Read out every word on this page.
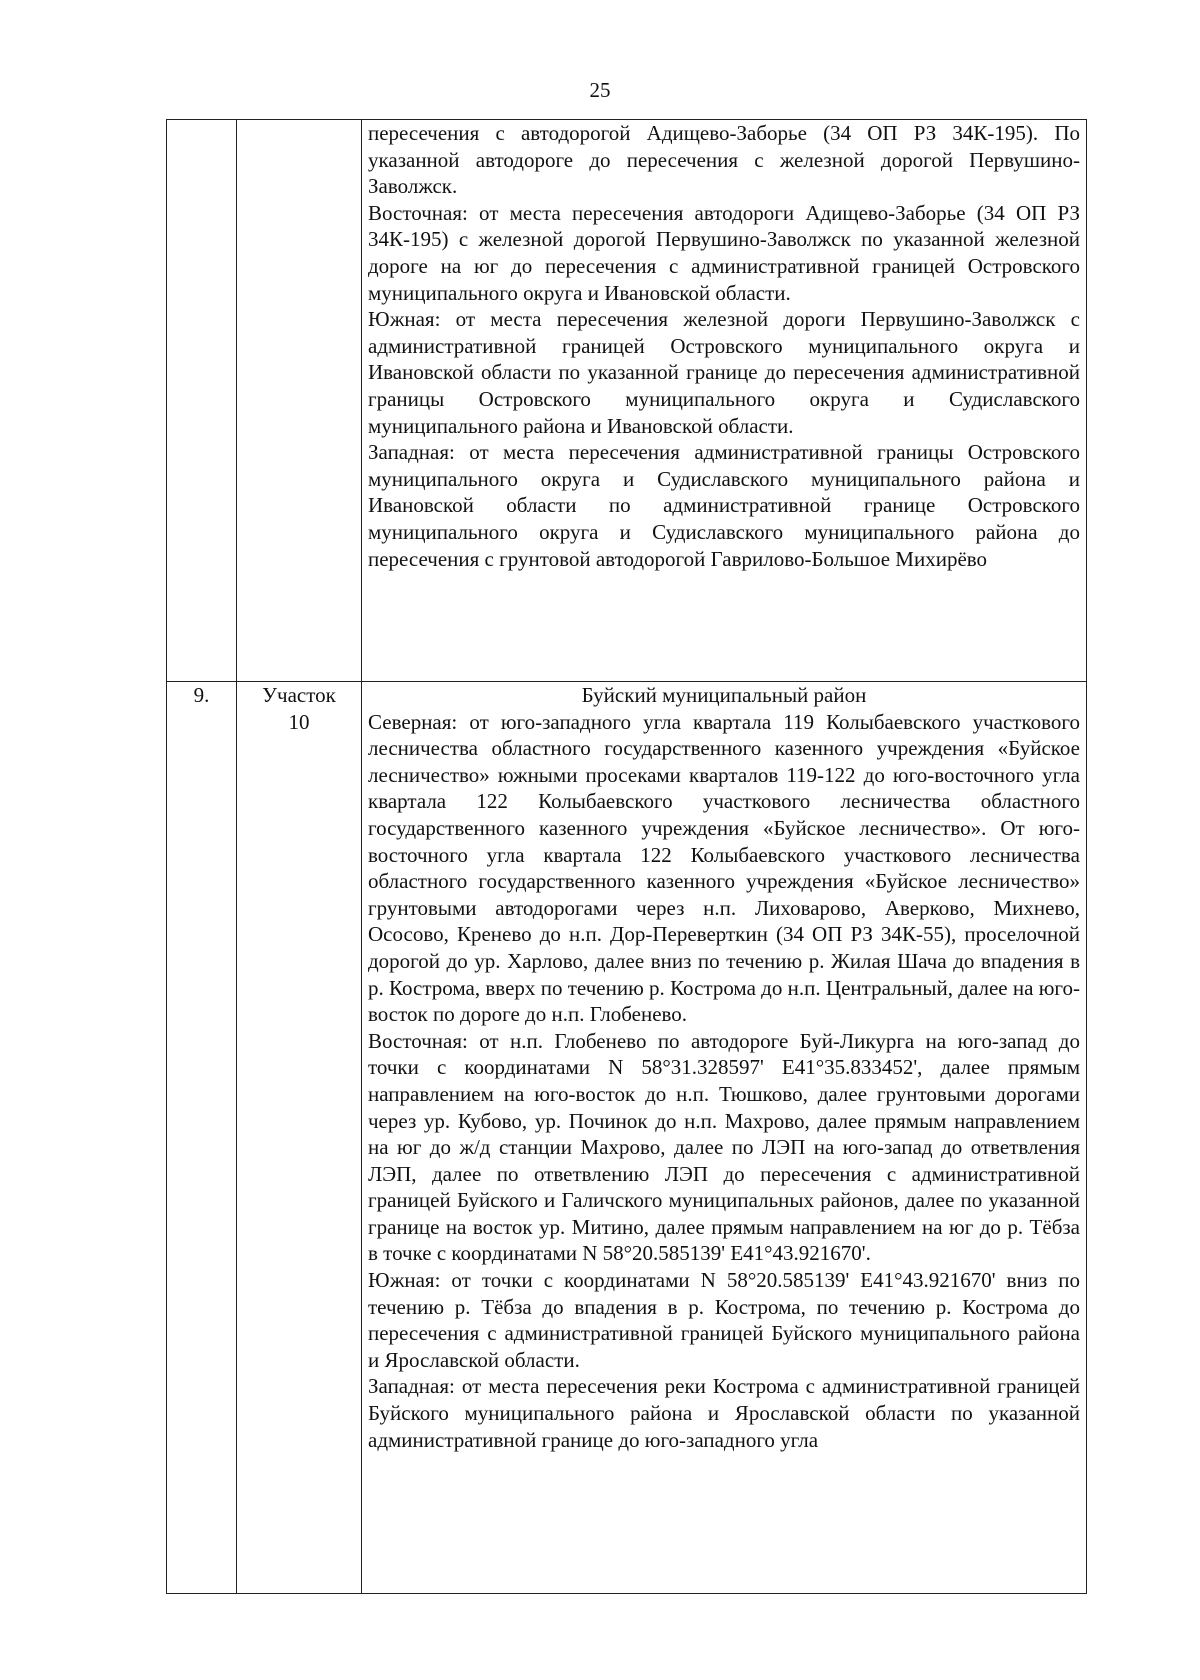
25

		пересечения с автодорогой Адищево-Заборье (34 ОП РЗ 34К-195). По указанной автодороге до пересечения с железной дорогой Первушино-Заволжск.

Восточная: от места пересечения автодороги Адищево-Заборье (34 ОП РЗ 34К-195) с железной дорогой Первушино-Заволжск по указанной железной дороге на юг до пересечения с административной границей Островского муниципального округа и Ивановской области.

Южная: от места пересечения железной дороги Первушино-Заволжск с административной границей Островского муниципального округа и Ивановской области по указанной границе до пересечения административной границы Островского муниципального округа и Судиславского муниципального района и Ивановской области.

Западная: от места пересечения административной границы Островского муниципального округа и Судиславского муниципального района и Ивановской области по административной границе Островского муниципального округа и Судиславского муниципального района до пересечения с грунтовой автодорогой Гаврилово-Большое Михирёво

9.	Участок 10	Буйский муниципальный район

Северная: от юго-западного угла квартала 119 Колыбаевского участкового лесничества областного государственного казенного учреждения «Буйское лесничество» южными просеками кварталов 119-122 до юго-восточного угла квартала 122 Колыбаевского участкового лесничества областного государственного казенного учреждения «Буйское лесничество». От юго-восточного угла квартала 122 Колыбаевского участкового лесничества областного государственного казенного учреждения «Буйское лесничество» грунтовыми автодорогами через н.п. Лиховарово, Аверково, Михнево, Ососово, Кренево до н.п. Дор-Переверткин (34 ОП РЗ 34К-55), проселочной дорогой до ур. Харлово, далее вниз по течению р. Жилая Шача до впадения в р. Кострома, вверх по течению р. Кострома до н.п. Центральный, далее на юго-восток по дороге до н.п. Глобенево.

Восточная: от н.п. Глобенево по автодороге Буй-Ликурга на юго-запад до точки с координатами N 58°31.328597' E41°35.833452', далее прямым направлением на юго-восток до н.п. Тюшково, далее грунтовыми дорогами через ур. Кубово, ур. Починок до н.п. Махрово, далее прямым направлением на юг до ж/д станции Махрово, далее по ЛЭП на юго-запад до ответвления ЛЭП, далее по ответвлению ЛЭП до пересечения с административной границей Буйского и Галичского муниципальных районов, далее по указанной границе на восток ур. Митино, далее прямым направлением на юг до р. Тёбза в точке с координатами N 58°20.585139' E41°43.921670'.

Южная: от точки с координатами N 58°20.585139' E41°43.921670' вниз по течению р. Тёбза до впадения в р. Кострома, по течению р. Кострома до пересечения с административной границей Буйского муниципального района и Ярославской области.

Западная: от места пересечения реки Кострома с административной границей Буйского муниципального района и Ярославской области по указанной административной границе до юго-западного угла
